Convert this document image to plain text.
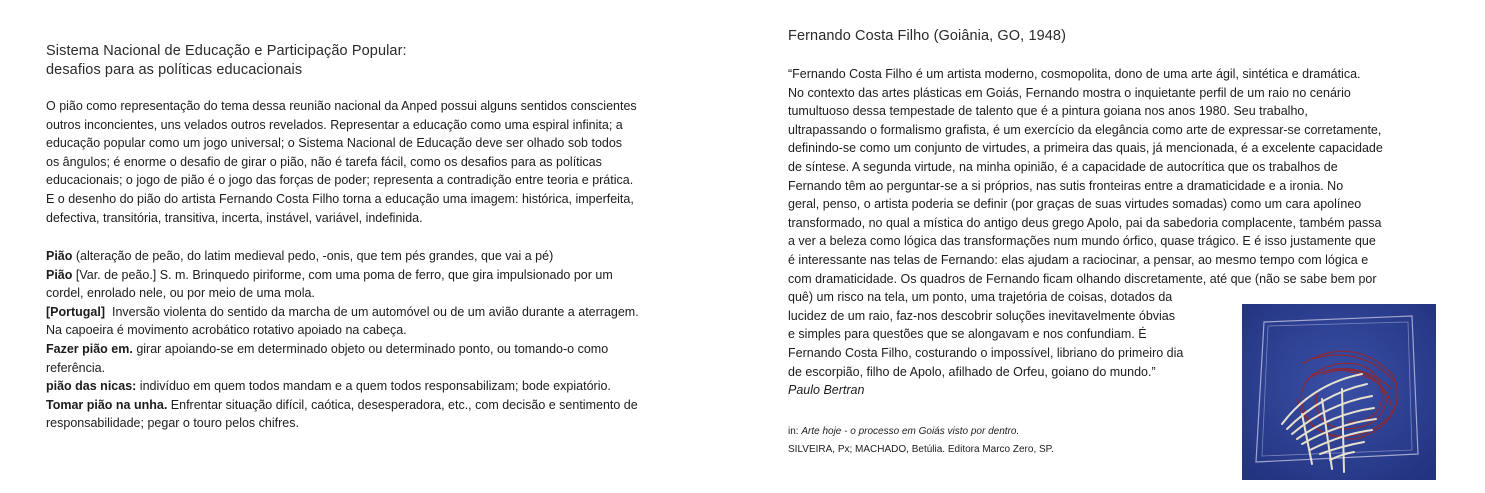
Sistema Nacional de Educação e Participação Popular:
desafios para as políticas educacionais
O pião como representação do tema dessa reunião nacional da Anped possui alguns sentidos conscientes
outros inconcientes, uns velados outros revelados. Representar a educação como uma espiral infinita; a
educação popular como um jogo universal; o Sistema Nacional de Educação deve ser olhado sob todos
os ângulos; é enorme o desafio de girar o pião, não é tarefa fácil, como os desafios para as políticas
educacionais; o jogo de pião é o jogo das forças de poder; representa a contradição entre teoria e prática.
E o desenho do pião do artista Fernando Costa Filho torna a educação uma imagem: histórica, imperfeita,
defectiva, transitória, transitiva, incerta, instável, variável, indefinida.

Pião (alteração de peão, do latim medieval pedo, -onis, que tem pés grandes, que vai a pé)

Pião [Var. de peão.] S. m. Brinquedo piriforme, com uma poma de ferro, que gira impulsionado por um
cordel, enrolado nele, ou por meio de uma mola.

[Portugal]  Inversão violenta do sentido da marcha de um automóvel ou de um avião durante a aterragem.
Na capoeira é movimento acrobático rotativo apoiado na cabeça.

Fazer pião em. girar apoiando-se em determinado objeto ou determinado ponto, ou tomando-o como
referência.

pião das nicas: indivíduo em quem todos mandam e a quem todos responsabilizam; bode expiatório.

Tomar pião na unha. Enfrentar situação difícil, caótica, desesperadora, etc., com decisão e sentimento de
responsabilidade; pegar o touro pelos chifres.

Fernando Costa Filho (Goiânia, GO, 1948)
“Fernando Costa Filho é um artista moderno, cosmopolita, dono de uma arte ágil, sintética e dramática.
No contexto das artes plásticas em Goiás, Fernando mostra o inquietante perfil de um raio no cenário
tumultuoso dessa tempestade de talento que é a pintura goiana nos anos 1980. Seu trabalho,
ultrapassando o formalismo grafista, é um exercício da elegância como arte de expressar-se corretamente,
definindo-se como um conjunto de virtudes, a primeira das quais, já mencionada, é a excelente capacidade
de síntese. A segunda virtude, na minha opinião, é a capacidade de autocrítica que os trabalhos de
Fernando têm ao perguntar-se a si próprios, nas sutis fronteiras entre a dramaticidade e a ironia. No
geral, penso, o artista poderia se definir (por graças de suas virtudes somadas) como um cara apolíneo
transformado, no qual a mística do antigo deus grego Apolo, pai da sabedoria complacente, também passa
a ver a beleza como lógica das transformações num mundo órfico, quase trágico. E é isso justamente que
é interessante nas telas de Fernando: elas ajudam a raciocinar, a pensar, ao mesmo tempo com lógica e
com dramaticidade. Os quadros de Fernando ficam olhando discretamente, até que (não se sabe bem por
quê) um risco na tela, um ponto, uma trajetória de coisas, dotados da
lucidez de um raio, faz-nos descobrir soluções inevitavelmente óbvias
e simples para questões que se alongavam e nos confundiam. É
Fernando Costa Filho, costurando o impossível, libriano do primeiro dia
de escorpião, filho de Apolo, afilhado de Orfeu, goiano do mundo.”
Paulo Bertran
in: Arte hoje - o processo em Goiás visto por dentro.
SILVEIRA, Px; MACHADO, Betúlia. Editora Marco Zero, SP.
